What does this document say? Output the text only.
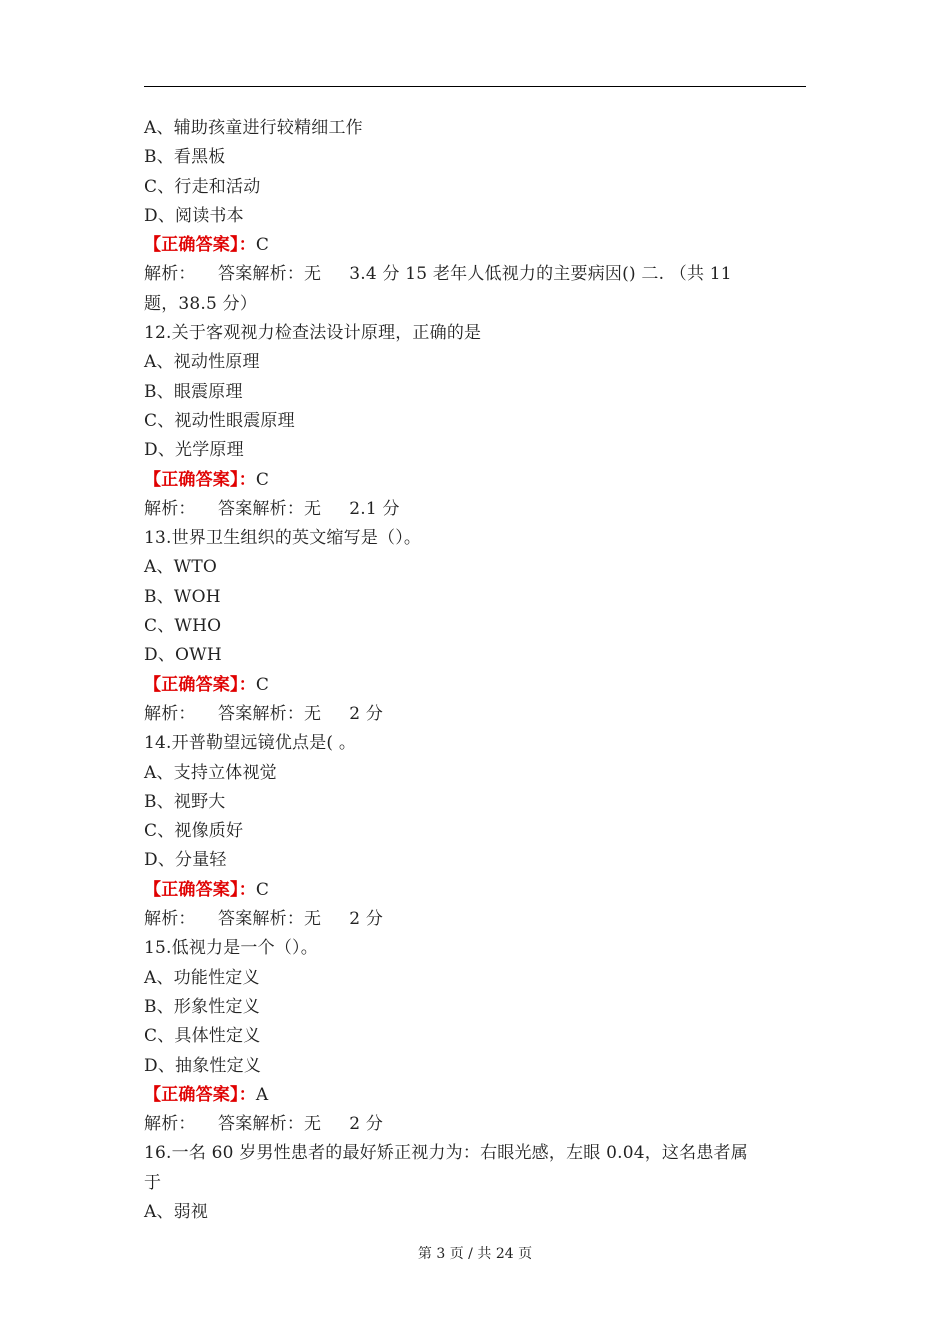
A、辅助孩童进行较精细工作
B、看黑板
C、行走和活动
D、阅读书本
【正确答案】：C
解析：    答案解析：无     3.4 分 15 老年人低视力的主要病因() 二. （共 11
题，38.5 分）
12.关于客观视力检查法设计原理，正确的是
A、视动性原理
B、眼震原理
C、视动性眼震原理
D、光学原理
【正确答案】：C
解析：    答案解析：无     2.1 分
13.世界卫生组织的英文缩写是（）。
A、WTO
B、WOH
C、WHO
D、OWH
【正确答案】：C
解析：    答案解析：无     2 分
14.开普勒望远镜优点是( 。
A、支持立体视觉
B、视野大
C、视像质好
D、分量轻
【正确答案】：C
解析：    答案解析：无     2 分
15.低视力是一个（）。
A、功能性定义
B、形象性定义
C、具体性定义
D、抽象性定义
【正确答案】：A
解析：    答案解析：无     2 分
16.一名 60 岁男性患者的最好矫正视力为：右眼光感，左眼 0.04，这名患者属
于
A、弱视
第 3 页 / 共 24 页
